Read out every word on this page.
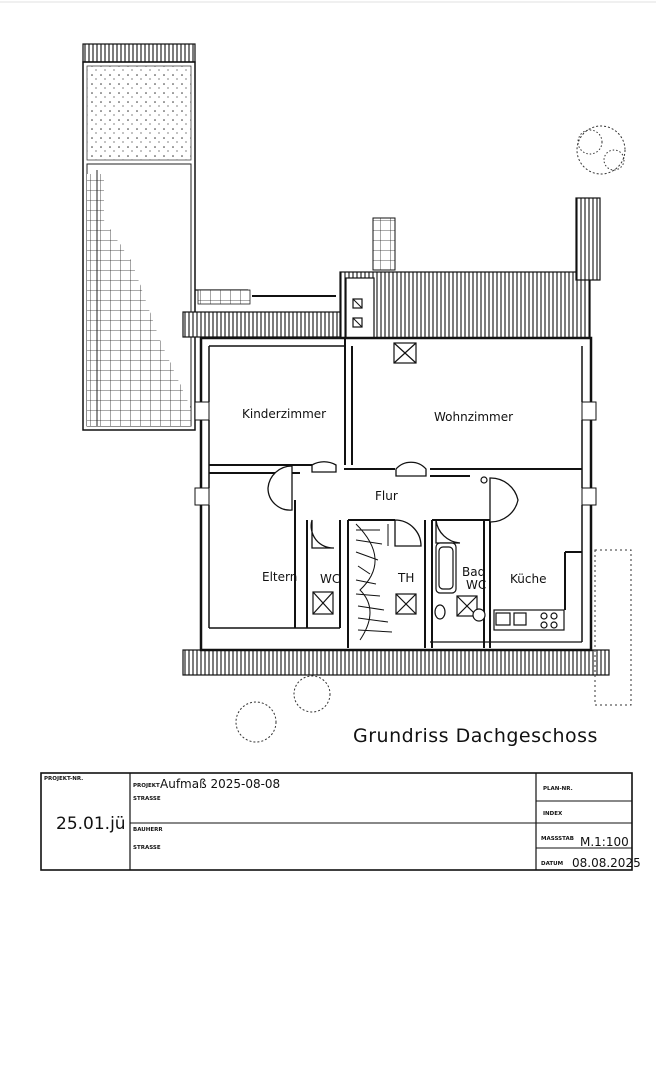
Kinderzimmer	Wohnzimmer
Flur
Eltern WC	TH	Bad
WC Küche
Grundriss Dachgeschoss
PROJEKT-NR.
25.01.jü
PROJEKT Aufmaß 2025-08-08
STRASSE
BAUHERR
STRASSE
PLAN-NR.
INDEX
MASSSTAB M.1:100
DATUM 08.08.2025
